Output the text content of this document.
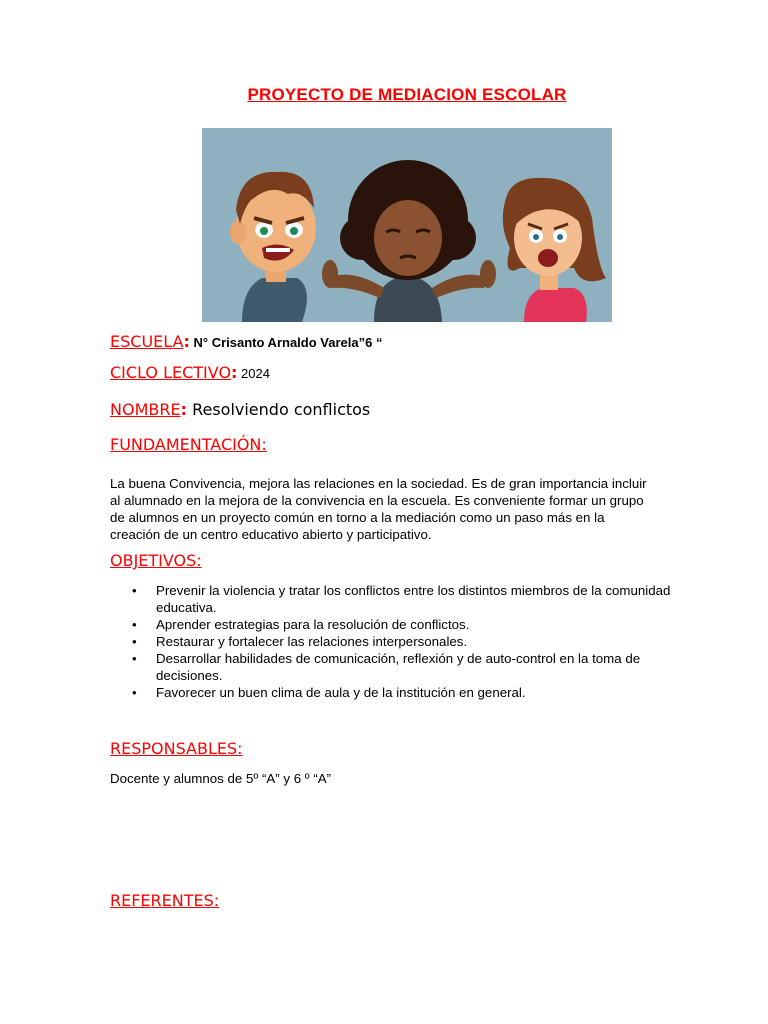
PROYECTO DE MEDIACION ESCOLAR
ESCUELA: N° Crisanto Arnaldo Varela”6 “
CICLO LECTIVO: 2024
NOMBRE: Resolviendo conflictos
FUNDAMENTACIÓN:
La buena Convivencia, mejora las relaciones en la sociedad. Es de gran importancia incluir al alumnado en la mejora de la convivencia en la escuela. Es conveniente formar un grupo de alumnos en un proyecto común en torno a la mediación como un paso más en la creación de un centro educativo abierto y participativo.
OBJETIVOS:
• Prevenir la violencia y tratar los conflictos entre los distintos miembros de la comunidad educativa.
• Aprender estrategias para la resolución de conflictos.
• Restaurar y fortalecer las relaciones interpersonales.
• Desarrollar habilidades de comunicación, reflexión y de auto-control en la toma de decisiones.
• Favorecer un buen clima de aula y de la institución en general.
RESPONSABLES:
Docente y alumnos de 5º “A” y 6 º “A”
REFERENTES:
